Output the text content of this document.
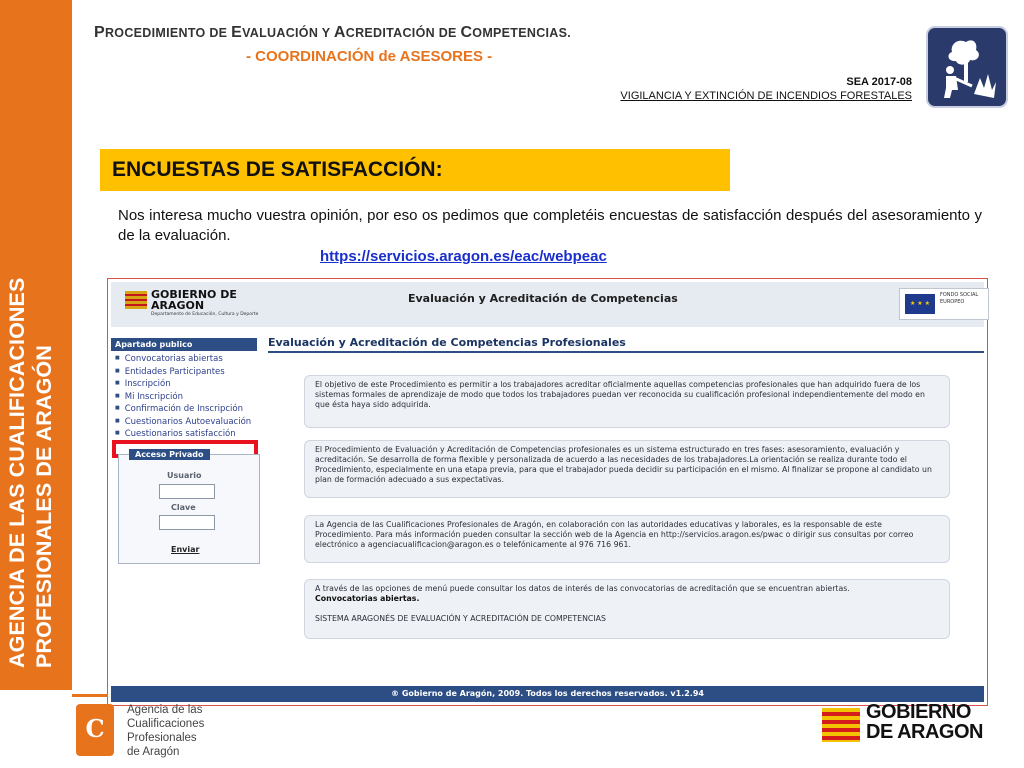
AGENCIA DE LAS CUALIFICACIONES PROFESIONALES DE ARAGÓN
PROCEDIMIENTO DE EVALUACIÓN Y ACREDITACIÓN DE COMPETENCIAS.
- COORDINACIÓN de ASESORES -
SEA 2017-08
VIGILANCIA Y EXTINCIÓN DE INCENDIOS FORESTALES
ENCUESTAS DE SATISFACCIÓN:
Nos interesa mucho vuestra opinión, por eso os pedimos que completéis encuestas de satisfacción después del asesoramiento y de la evaluación.
https://servicios.aragon.es/eac/webpeac
GOBIERNO DE ARAGON
Departamento de Educación, Cultura y Deporte
Evaluación y Acreditación de Competencias	★ ★ ★
FONDO SOCIAL EUROPEO
Evaluación y Acreditación de Competencias Profesionales
Apartado publico
■ Convocatorias abiertas
■ Entidades Participantes
■ Inscripción
■ Mi Inscripción
■ Confirmación de Inscripción
■ Cuestionarios Autoevaluación
■ Cuestionarios satisfacción
Acceso Privado
Usuario
Clave
Enviar
El objetivo de este Procedimiento es permitir a los trabajadores acreditar oficialmente aquellas competencias profesionales que han adquirido fuera de los sistemas formales de aprendizaje de modo que todos los trabajadores puedan ver reconocida su cualificación profesional independientemente del modo en que ésta haya sido adquirida.
El Procedimiento de Evaluación y Acreditación de Competencias profesionales es un sistema estructurado en tres fases: asesoramiento, evaluación y acreditación. Se desarrolla de forma flexible y personalizada de acuerdo a las necesidades de los trabajadores.La orientación se realiza durante todo el Procedimiento, especialmente en una etapa previa, para que el trabajador pueda decidir su participación en el mismo. Al finalizar se propone al candidato un plan de formación adecuado a sus expectativas.
La Agencia de las Cualificaciones Profesionales de Aragón, en colaboración con las autoridades educativas y laborales, es la responsable de este Procedimiento. Para más información pueden consultar la sección web de la Agencia en http://servicios.aragon.es/pwac o dirigir sus consultas por correo electrónico a agenciacualificacion@aragon.es o telefónicamente al 976 716 961.
A través de las opciones de menú puede consultar los datos de interés de las convocatorias de acreditación que se encuentran abiertas.
Convocatorias abiertas.

SISTEMA ARAGONÉS DE EVALUACIÓN Y ACREDITACIÓN DE COMPETENCIAS
® Gobierno de Aragón, 2009. Todos los derechos reservados. v1.2.94
C
Agencia de las
Cualificaciones
Profesionales
de Aragón
GOBIERNO
DE ARAGON
